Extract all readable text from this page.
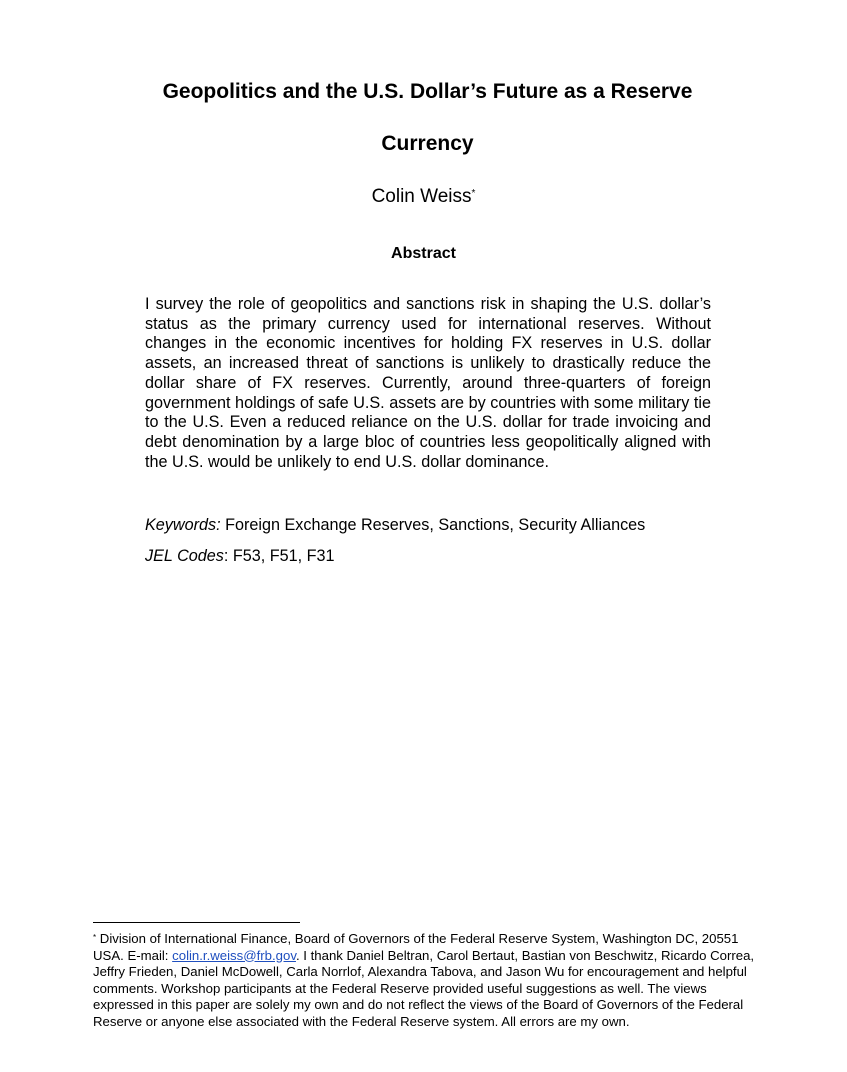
Geopolitics and the U.S. Dollar’s Future as a Reserve
Currency
Colin Weiss*
Abstract

I survey the role of geopolitics and sanctions risk in shaping the U.S. dollar’s status as the primary currency used for international reserves. Without changes in the economic incentives for holding FX reserves in U.S. dollar assets, an increased threat of sanctions is unlikely to drastically reduce the dollar share of FX reserves. Currently, around three-quarters of foreign government holdings of safe U.S. assets are by countries with some military tie to the U.S. Even a reduced reliance on the U.S. dollar for trade invoicing and debt denomination by a large bloc of countries less geopolitically aligned with the U.S. would be unlikely to end U.S. dollar dominance.

Keywords: Foreign Exchange Reserves, Sanctions, Security Alliances
JEL Codes: F53, F51, F31

* Division of International Finance, Board of Governors of the Federal Reserve System, Washington DC, 20551 USA. E-mail: colin.r.weiss@frb.gov. I thank Daniel Beltran, Carol Bertaut, Bastian von Beschwitz, Ricardo Correa, Jeffry Frieden, Daniel McDowell, Carla Norrlof, Alexandra Tabova, and Jason Wu for encouragement and helpful comments. Workshop participants at the Federal Reserve provided useful suggestions as well. The views expressed in this paper are solely my own and do not reflect the views of the Board of Governors of the Federal Reserve or anyone else associated with the Federal Reserve system. All errors are my own.
